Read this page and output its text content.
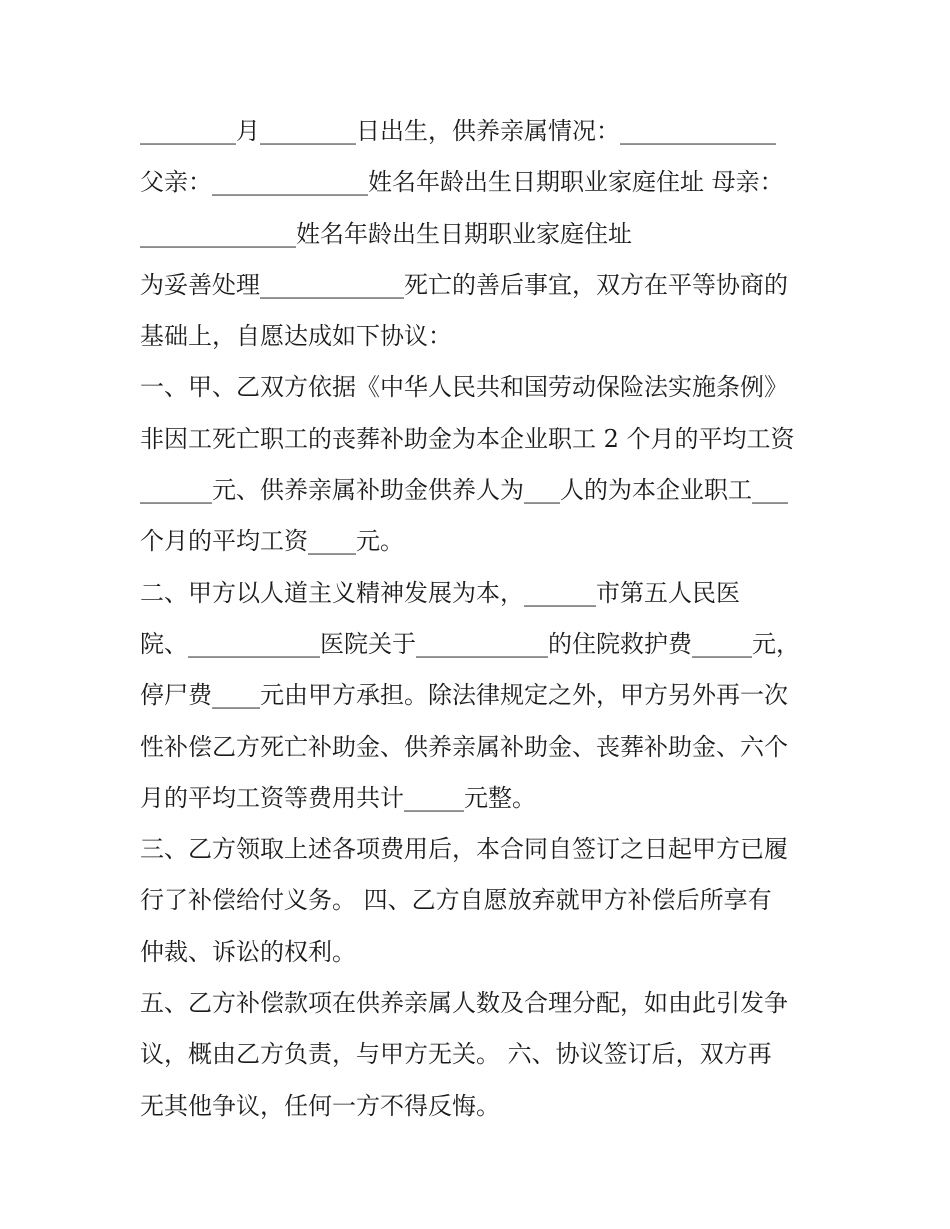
________月________日出生，供养亲属情况：_____________
父亲：_____________姓名年龄出生日期职业家庭住址 母亲：
_____________姓名年龄出生日期职业家庭住址
为妥善处理____________死亡的善后事宜，双方在平等协商的
基础上，自愿达成如下协议：
一、甲、乙双方依据《中华人民共和国劳动保险法实施条例》
非因工死亡职工的丧葬补助金为本企业职工 2 个月的平均工资
______元、供养亲属补助金供养人为___人的为本企业职工___
个月的平均工资____元。
二、甲方以人道主义精神发展为本，______市第五人民医
院、___________医院关于___________的住院救护费_____元，
停尸费____元由甲方承担。除法律规定之外，甲方另外再一次
性补偿乙方死亡补助金、供养亲属补助金、丧葬补助金、六个
月的平均工资等费用共计_____元整。
三、乙方领取上述各项费用后，本合同自签订之日起甲方已履
行了补偿给付义务。 四、乙方自愿放弃就甲方补偿后所享有
仲裁、诉讼的权利。
五、乙方补偿款项在供养亲属人数及合理分配，如由此引发争
议，概由乙方负责，与甲方无关。 六、协议签订后，双方再
无其他争议，任何一方不得反悔。
